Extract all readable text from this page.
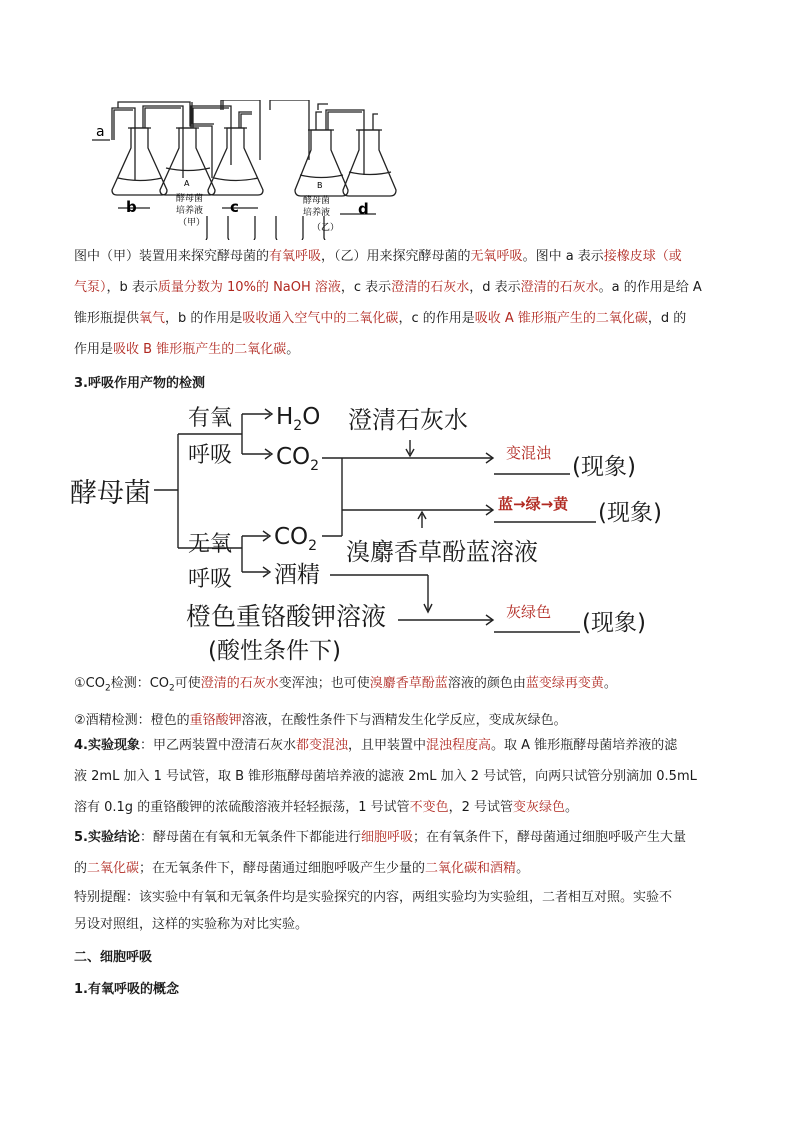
a
b	c	d
A	B
酵母菌
培养液
酵母菌
培养液
（甲）	（乙）
图中（甲）装置用来探究酵母菌的有氧呼吸，（乙）用来探究酵母菌的无氧呼吸。图中 a 表示接橡皮球（或
气泵），b 表示质量分数为 10%的 NaOH 溶液，c 表示澄清的石灰水，d 表示澄清的石灰水。a 的作用是给 A
锥形瓶提供氧气，b 的作用是吸收通入空气中的二氧化碳，c 的作用是吸收 A 锥形瓶产生的二氧化碳，d 的
作用是吸收 B 锥形瓶产生的二氧化碳。
3.呼吸作用产物的检测
酵母菌
有氧
呼吸
无氧
呼吸
$H_2O$
$CO_2$
$CO_2$
酒精
澄清石灰水
溴麝香草酚蓝溶液
橙色重铬酸钾溶液
(酸性条件下)
变混浊
蓝→绿→黄
灰绿色
(现象)
(现象)
(现象)
$①CO_2$检测：$CO_2$可使澄清的石灰水变浑浊；也可使溴麝香草酚蓝溶液的颜色由蓝变绿再变黄。
②酒精检测：橙色的重铬酸钾溶液，在酸性条件下与酒精发生化学反应，变成灰绿色。
4.实验现象：甲乙两装置中澄清石灰水都变混浊，且甲装置中混浊程度高。取 A 锥形瓶酵母菌培养液的滤
液 2mL 加入 1 号试管，取 B 锥形瓶酵母菌培养液的滤液 2mL 加入 2 号试管，向两只试管分别滴加 0.5mL
溶有 0.1g 的重铬酸钾的浓硫酸溶液并轻轻振荡，1 号试管不变色，2 号试管变灰绿色。
5.实验结论：酵母菌在有氧和无氧条件下都能进行细胞呼吸；在有氧条件下，酵母菌通过细胞呼吸产生大量
的二氧化碳；在无氧条件下，酵母菌通过细胞呼吸产生少量的二氧化碳和酒精。
特别提醒：该实验中有氧和无氧条件均是实验探究的内容，两组实验均为实验组，二者相互对照。实验不
另设对照组，这样的实验称为对比实验。
二、细胞呼吸
1.有氧呼吸的概念
